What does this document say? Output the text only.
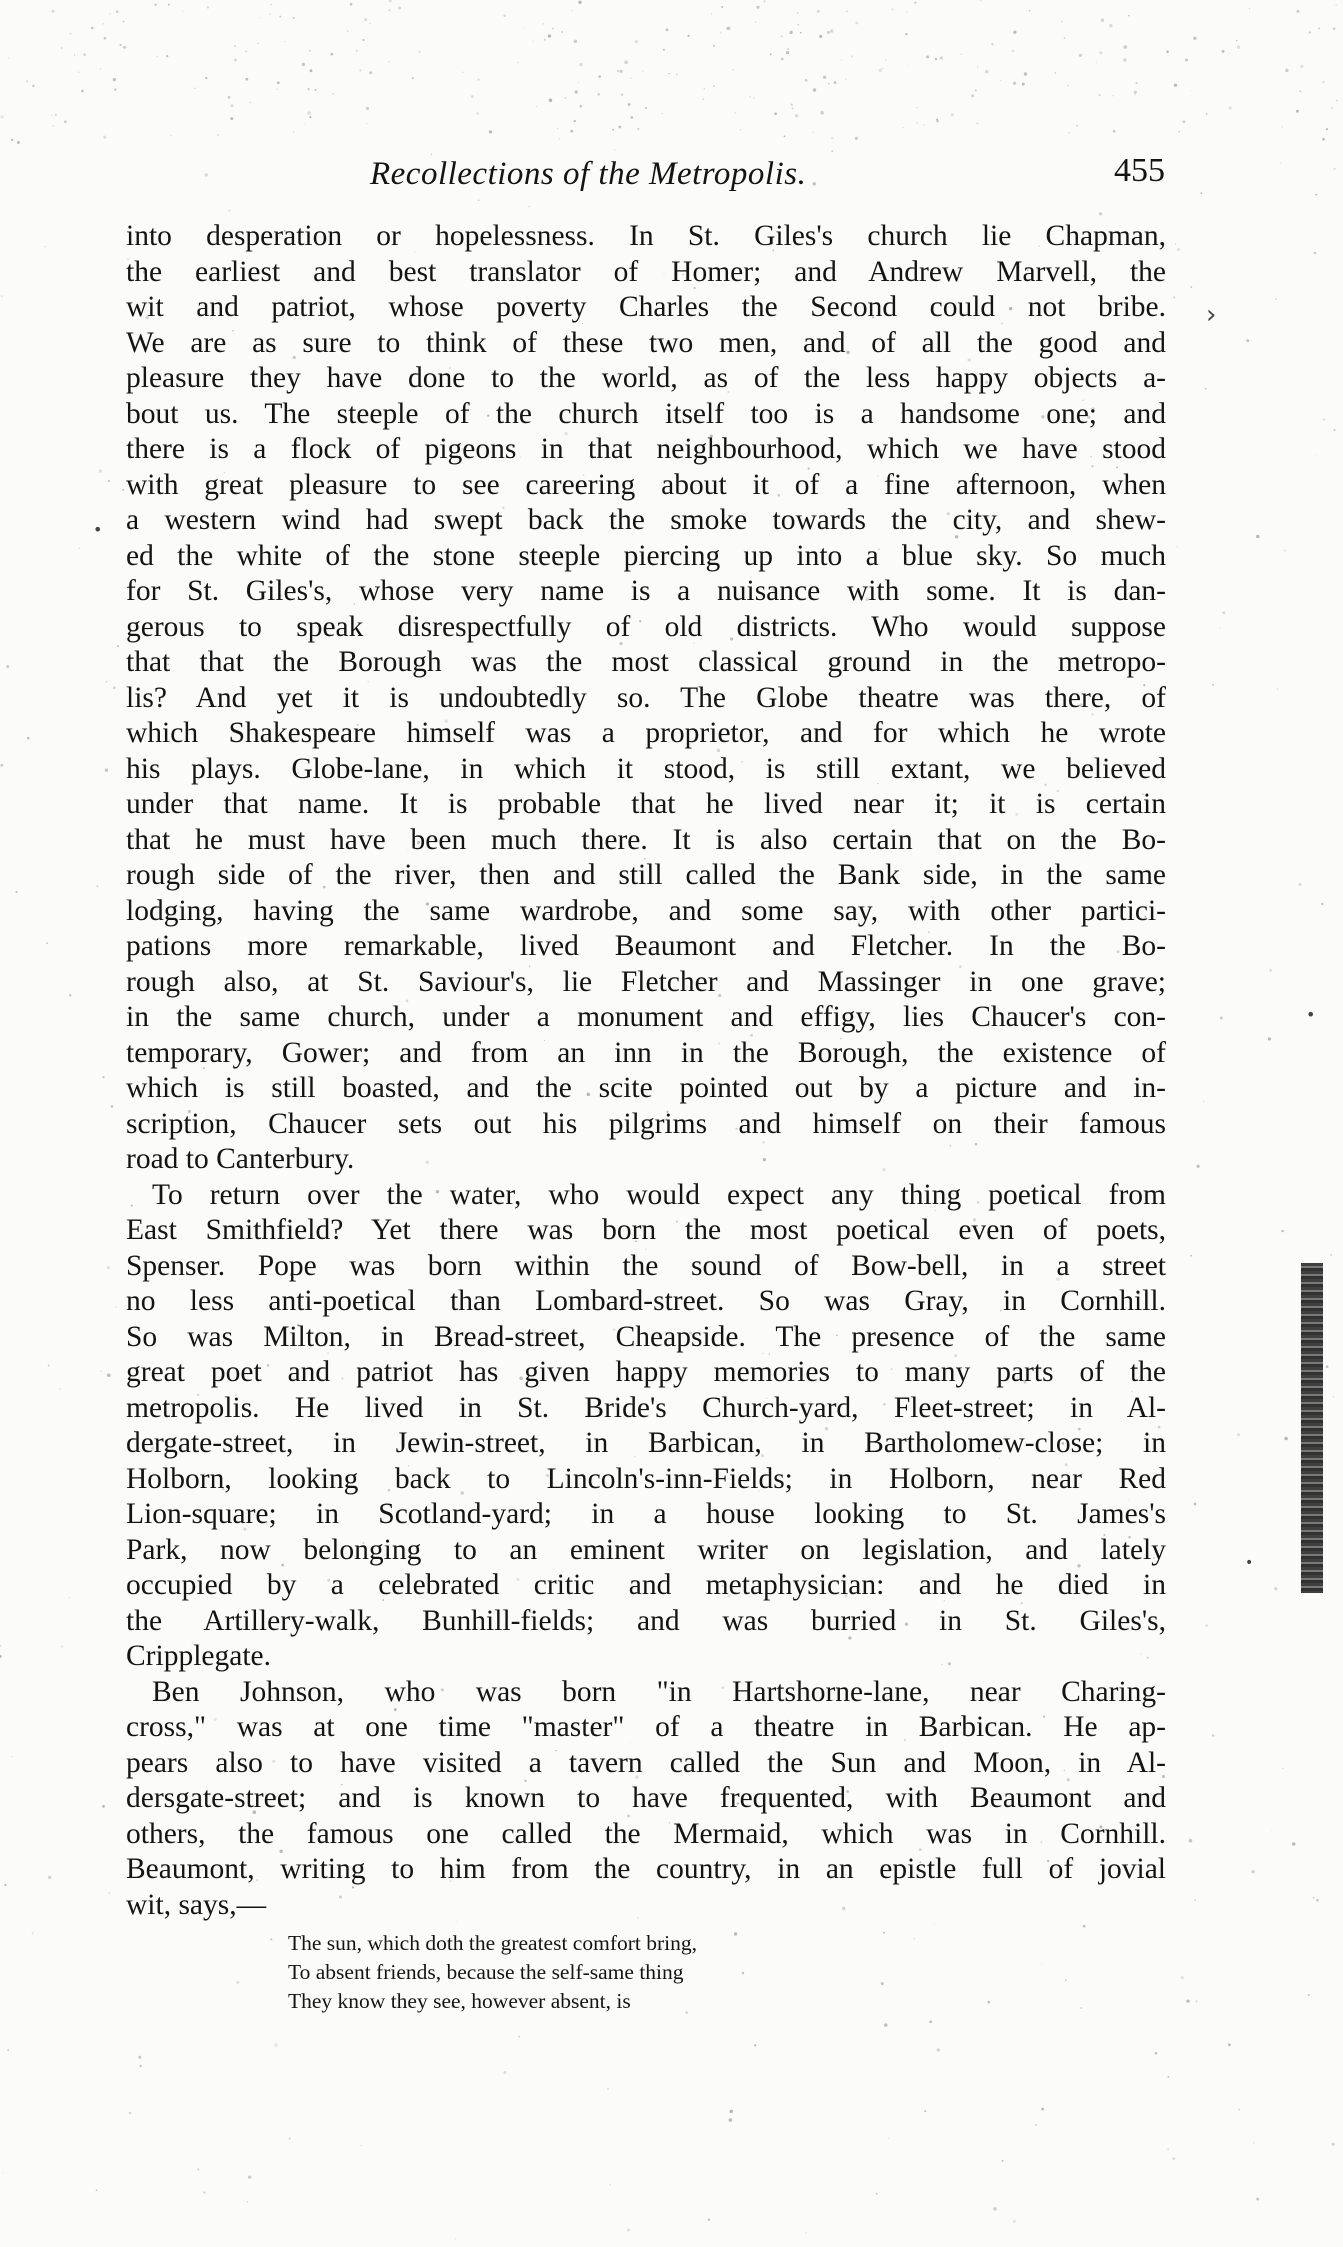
Recollections of the Metropolis.	455
into desperation or hopelessness. In St. Giles's church lie Chapman,
the earliest and best translator of Homer; and Andrew Marvell, the
wit and patriot, whose poverty Charles the Second could not bribe.
We are as sure to think of these two men, and of all the good and
pleasure they have done to the world, as of the less happy objects a-
bout us. The steeple of the church itself too is a handsome one; and
there is a flock of pigeons in that neighbourhood, which we have stood
with great pleasure to see careering about it of a fine afternoon, when
a western wind had swept back the smoke towards the city, and shew-
ed the white of the stone steeple piercing up into a blue sky. So much
for St. Giles's, whose very name is a nuisance with some. It is dan-
gerous to speak disrespectfully of old districts. Who would suppose
that that the Borough was the most classical ground in the metropo-
lis? And yet it is undoubtedly so. The Globe theatre was there, of
which Shakespeare himself was a proprietor, and for which he wrote
his plays. Globe-lane, in which it stood, is still extant, we believed
under that name. It is probable that he lived near it; it is certain
that he must have been much there. It is also certain that on the Bo-
rough side of the river, then and still called the Bank side, in the same
lodging, having the same wardrobe, and some say, with other partici-
pations more remarkable, lived Beaumont and Fletcher. In the Bo-
rough also, at St. Saviour's, lie Fletcher and Massinger in one grave;
in the same church, under a monument and effigy, lies Chaucer's con-
temporary, Gower; and from an inn in the Borough, the existence of
which is still boasted, and the scite pointed out by a picture and in-
scription, Chaucer sets out his pilgrims and himself on their famous
road to Canterbury.
To return over the water, who would expect any thing poetical from
East Smithfield? Yet there was born the most poetical even of poets,
Spenser. Pope was born within the sound of Bow-bell, in a street
no less anti-poetical than Lombard-street. So was Gray, in Cornhill.
So was Milton, in Bread-street, Cheapside. The presence of the same
great poet and patriot has given happy memories to many parts of the
metropolis. He lived in St. Bride's Church-yard, Fleet-street; in Al-
dergate-street, in Jewin-street, in Barbican, in Bartholomew-close; in
Holborn, looking back to Lincoln's-inn-Fields; in Holborn, near Red
Lion-square; in Scotland-yard; in a house looking to St. James's
Park, now belonging to an eminent writer on legislation, and lately
occupied by a celebrated critic and metaphysician: and he died in
the Artillery-walk, Bunhill-fields; and was burried in St. Giles's,
Cripplegate.
Ben Johnson, who was born "in Hartshorne-lane, near Charing-
cross," was at one time "master" of a theatre in Barbican. He ap-
pears also to have visited a tavern called the Sun and Moon, in Al-
dersgate-street; and is known to have frequented, with Beaumont and
others, the famous one called the Mermaid, which was in Cornhill.
Beaumont, writing to him from the country, in an epistle full of jovial
wit, says,—
The sun, which doth the greatest comfort bring,
To absent friends, because the self-same thing
They know they see, however absent, is
›
•
•
•
